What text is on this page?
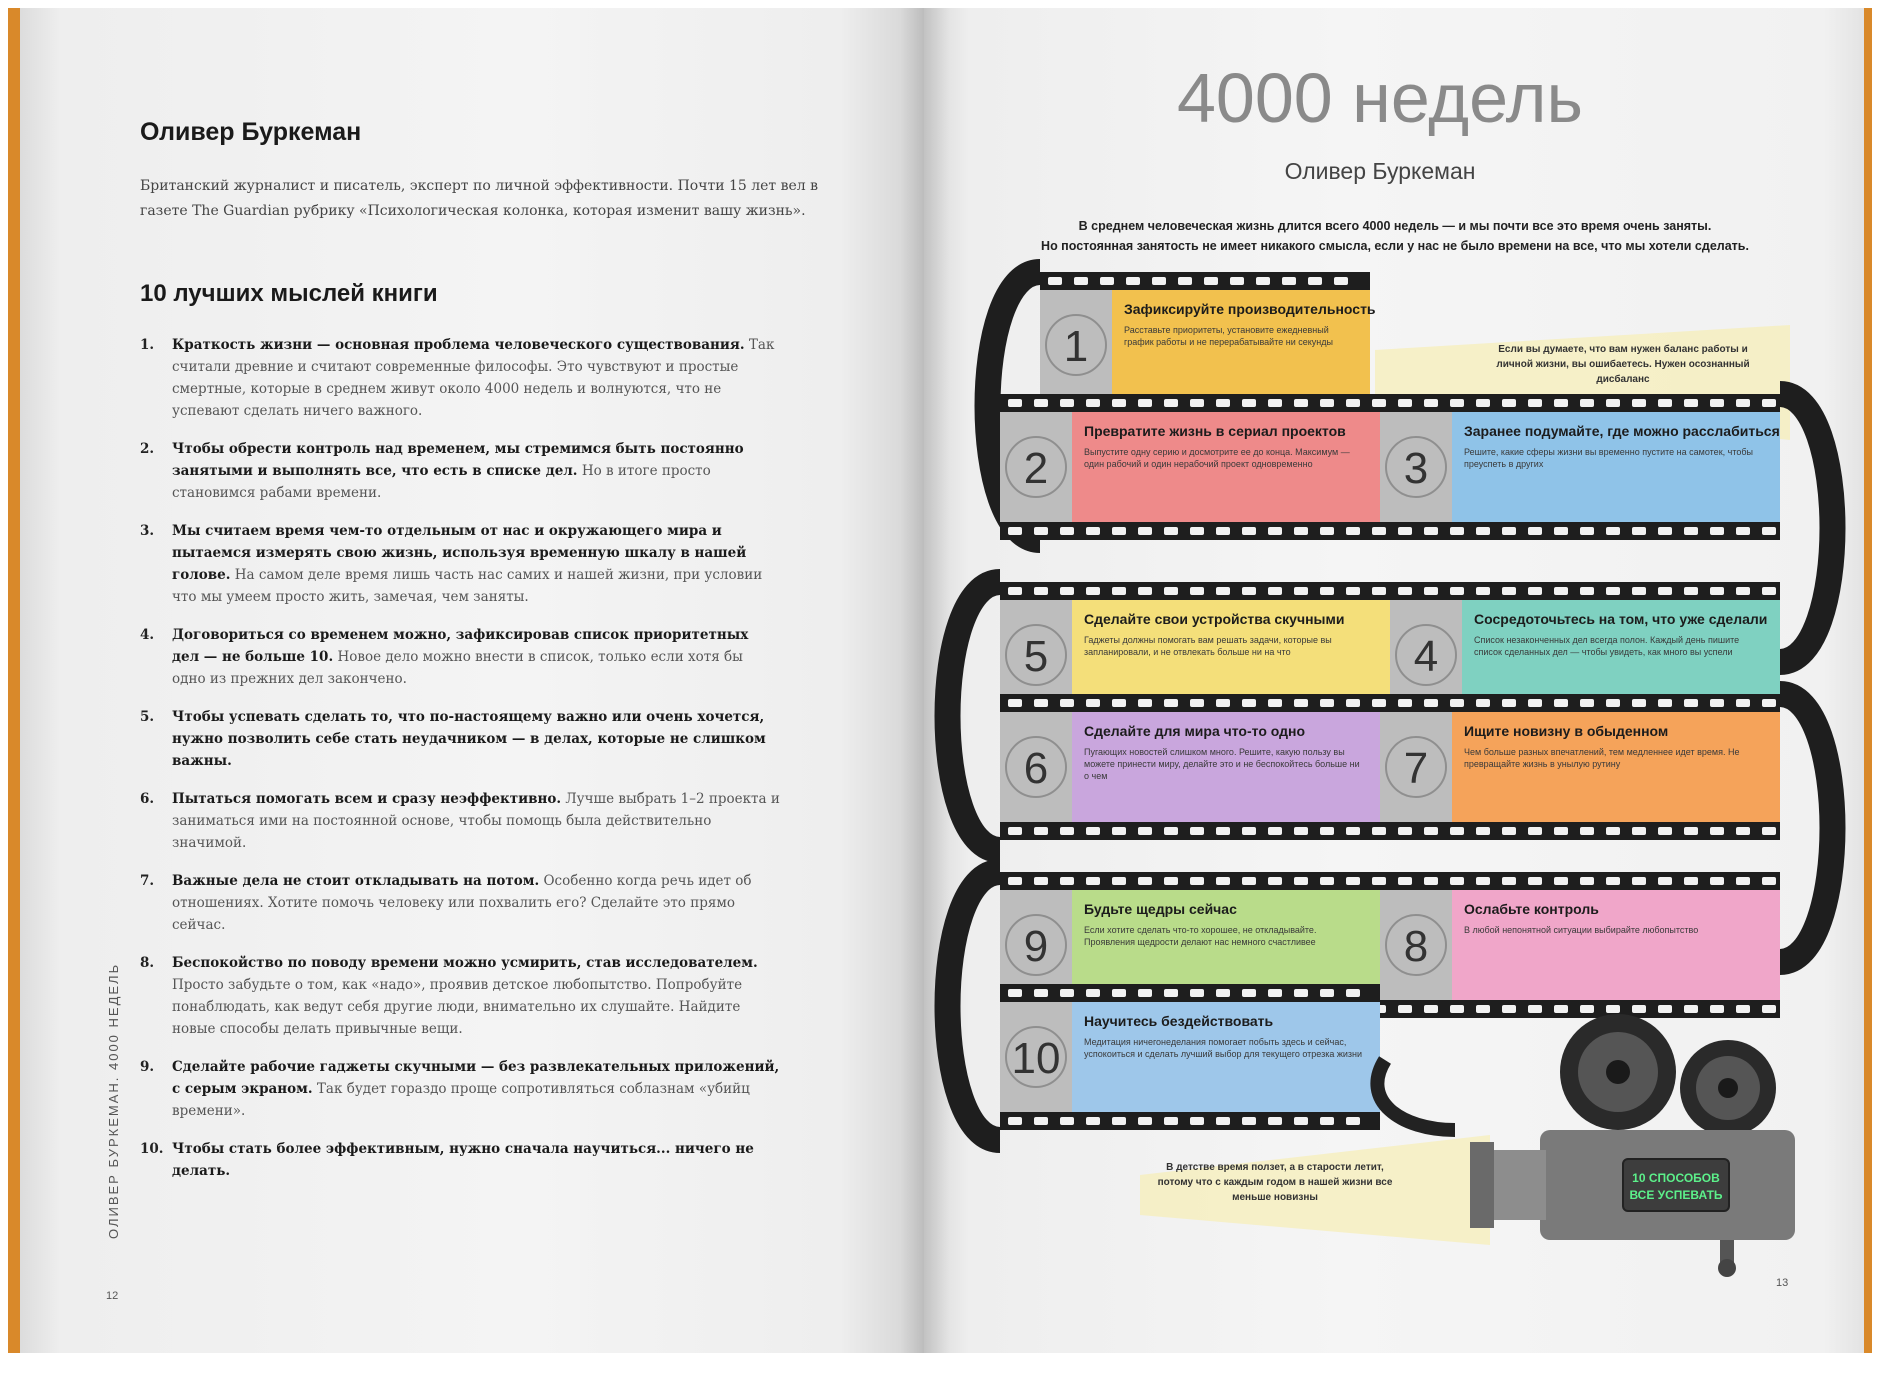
Оливер Буркеман
Британский журналист и писатель, эксперт по личной эффективности. Почти 15 лет вел в газете The Guardian рубрику «Психологическая колонка, которая изменит вашу жизнь».
10 лучших мыслей книги
1. Краткость жизни — основная проблема человеческого существования. Так считали древние и считают современные философы. Это чувствуют и простые смертные, которые в среднем живут около 4000 недель и волнуются, что не успевают сделать ничего важного.
2. Чтобы обрести контроль над временем, мы стремимся быть постоянно занятыми и выполнять все, что есть в списке дел. Но в итоге просто становимся рабами времени.
3. Мы считаем время чем-то отдельным от нас и окружающего мира и пытаемся измерять свою жизнь, используя временную шкалу в нашей голове. На самом деле время лишь часть нас самих и нашей жизни, при условии что мы умеем просто жить, замечая, чем заняты.
4. Договориться со временем можно, зафиксировав список приоритетных дел — не больше 10. Новое дело можно внести в список, только если хотя бы одно из прежних дел закончено.
5. Чтобы успевать сделать то, что по-настоящему важно или очень хочется, нужно позволить себе стать неудачником — в делах, которые не слишком важны.
6. Пытаться помогать всем и сразу неэффективно. Лучше выбрать 1–2 проекта и заниматься ими на постоянной основе, чтобы помощь была действительно значимой.
7. Важные дела не стоит откладывать на потом. Особенно когда речь идет об отношениях. Хотите помочь человеку или похвалить его? Сделайте это прямо сейчас.
8. Беспокойство по поводу времени можно усмирить, став исследователем. Просто забудьте о том, как «надо», проявив детское любопытство. Попробуйте понаблюдать, как ведут себя другие люди, внимательно их слушайте. Найдите новые способы делать привычные вещи.
9. Сделайте рабочие гаджеты скучными — без развлекательных приложений, с серым экраном. Так будет гораздо проще сопротивляться соблазнам «убийц времени».
10. Чтобы стать более эффективным, нужно сначала научиться... ничего не делать.
ОЛИВЕР БУРКЕМАН. 4000 НЕДЕЛЬ
12
4000 недель
Оливер Буркеман
В среднем человеческая жизнь длится всего 4000 недель — и мы почти все это время очень заняты.
Но постоянная занятость не имеет никакого смысла, если у нас не было времени на все, что мы хотели сделать.
1
Зафиксируйте производительность
Расставьте приоритеты, установите ежедневный график работы и не перерабатывайте ни секунды
2
Превратите жизнь в сериал проектов
Выпустите одну серию и досмотрите ее до конца. Максимум — один рабочий и один нерабочий проект одновременно	3
Заранее подумайте, где можно расслабиться
Решите, какие сферы жизни вы временно пустите на самотек, чтобы преуспеть в других
5
Сделайте свои устройства скучными
Гаджеты должны помогать вам решать задачи, которые вы запланировали, и не отвлекать больше ни на что	4
Сосредоточьтесь на том, что уже сделали
Список незаконченных дел всегда полон. Каждый день пишите список сделанных дел — чтобы увидеть, как много вы успели
6
Сделайте для мира что-то одно
Пугающих новостей слишком много. Решите, какую пользу вы можете принести миру, делайте это и не беспокойтесь больше ни о чем	7
Ищите новизну в обыденном
Чем больше разных впечатлений, тем медленнее идет время. Не превращайте жизнь в унылую рутину
9
Будьте щедры сейчас
Если хотите сделать что-то хорошее, не откладывайте. Проявления щедрости делают нас немного счастливее	8
Ослабьте контроль
В любой непонятной ситуации выбирайте любопытство
10
Научитесь бездействовать
Медитация ничегонеделания помогает побыть здесь и сейчас, успокоиться и сделать лучший выбор для текущего отрезка жизни
Если вы думаете, что вам нужен баланс работы и личной жизни, вы ошибаетесь. Нужен осознанный дисбаланс
В детстве время ползет, а в старости летит, потому что с каждым годом в нашей жизни все меньше новизны
10 СПОСОБОВ
ВСЕ УСПЕВАТЬ
13
